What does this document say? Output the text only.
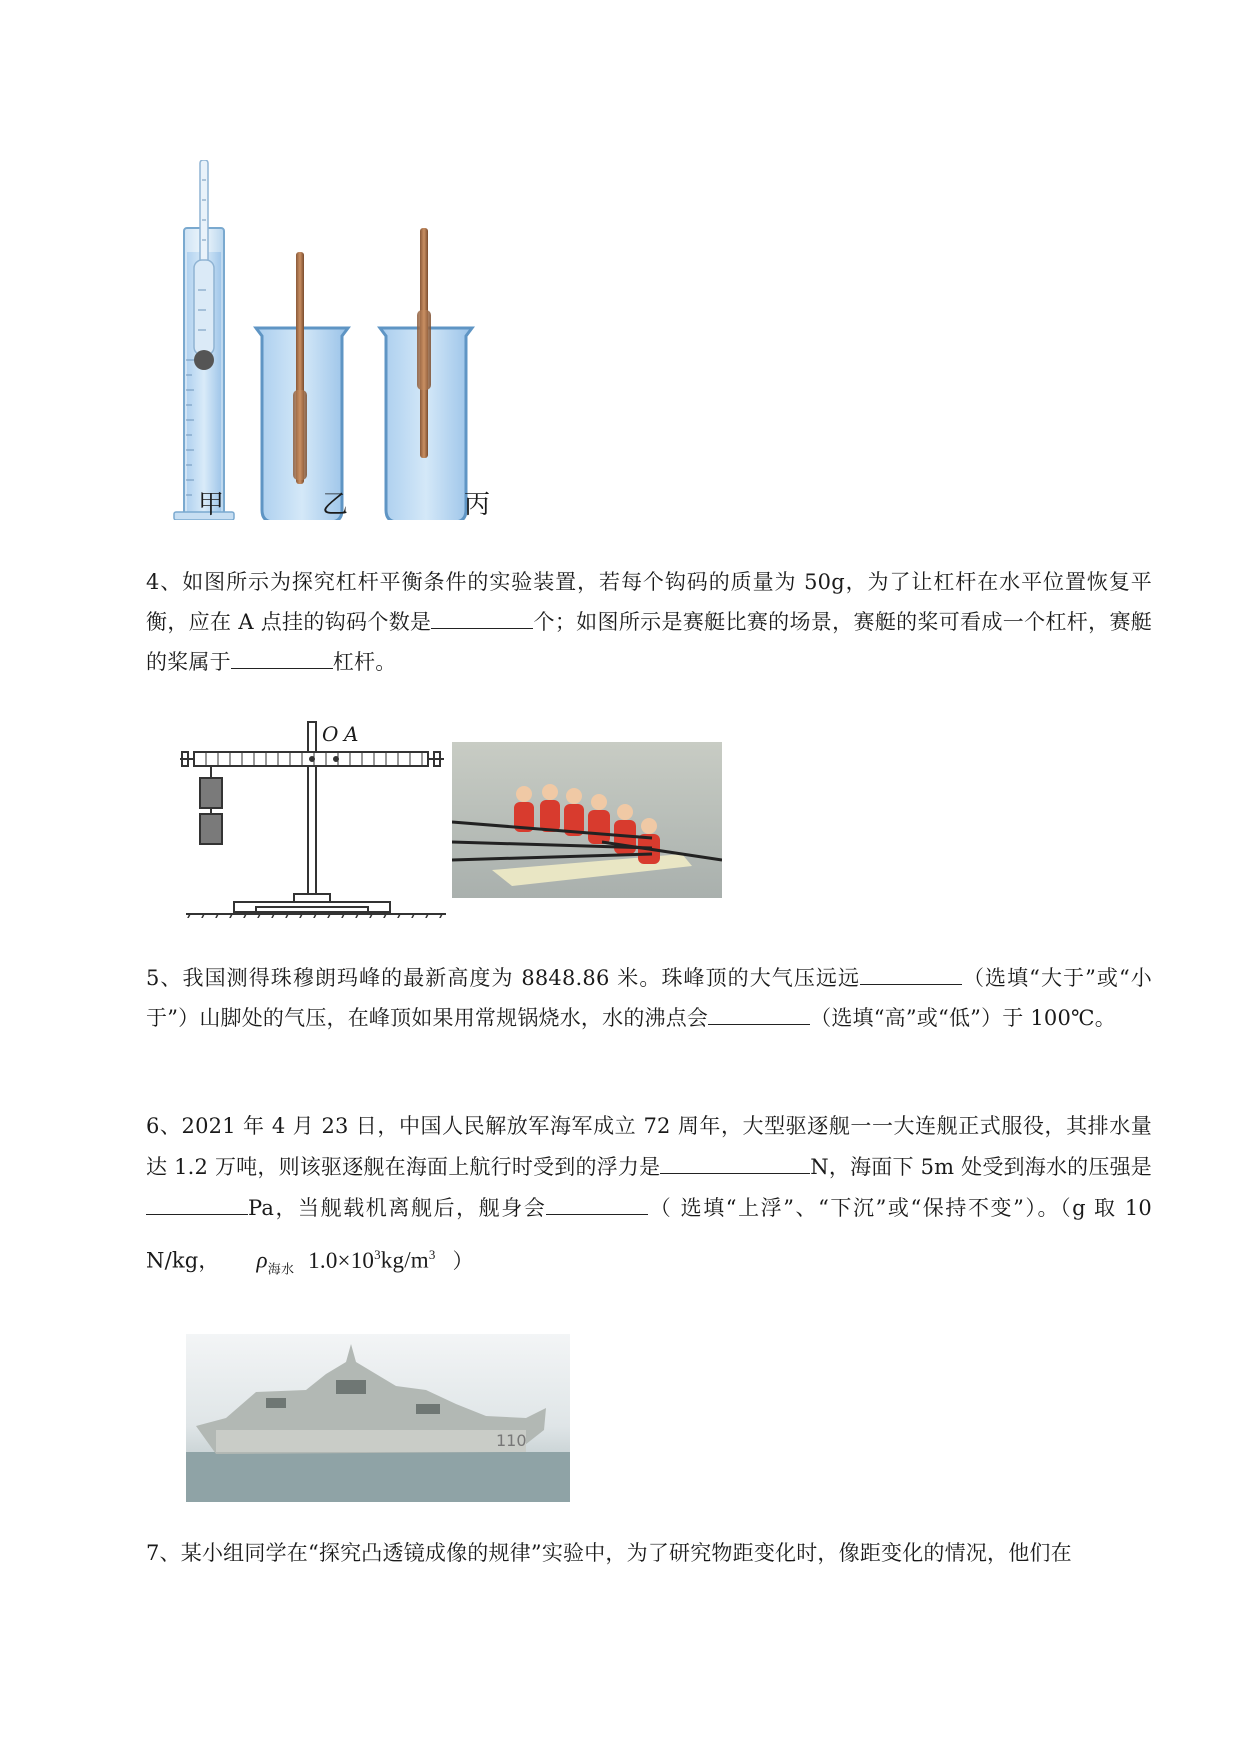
甲	乙	丙
4、如图所示为探究杠杆平衡条件的实验装置，若每个钩码的质量为 50g，为了让杠杆在水平位置恢复平衡，应在 A 点挂的钩码个数是	个；如图所示是赛艇比赛的场景，赛艇的桨可看成一个杠杆，赛艇的桨属于	杠杆。
O A
5、我国测得珠穆朗玛峰的最新高度为 8848.86 米。珠峰顶的大气压远远	（选填“大于”或“小于”）山脚处的气压，在峰顶如果用常规锅烧水，水的沸点会	（选填“高”或“低”）于 100℃。
6、2021 年 4 月 23 日，中国人民解放军海军成立 72 周年，大型驱逐舰一一大连舰正式服役，其排水量达 1.2 万吨，则该驱逐舰在海面上航行时受到的浮力是	N，海面下 5m 处受到海水的压强是Pa，当舰载机离舰后，舰身会	（ 选填“上浮”、“下沉”或“保持不变”）。（g 取 10 N/kg， $\rho_{海水}$ $1.0\times 10^3kg/m^3$ ）
110
7、某小组同学在“探究凸透镜成像的规律”实验中，为了研究物距变化时，像距变化的情况，他们在
